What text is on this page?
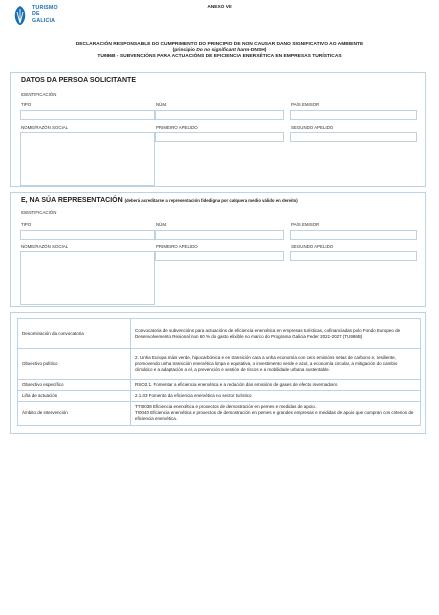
TURISMO
DE
GALICIA
ANEXO VII
DECLARACIÓN RESPONSABLE DO CUMPRIMENTO DO PRINCIPIO DE NON CAUSAR DANO SIGNIFICATIVO AO AMBIENTE
(principio Do no significant harm-DNSH)
TU986B - SUBVENCIÓNS PARA ACTUACIÓNS DE EFICIENCIA ENERXÉTICA EN EMPRESAS TURÍSTICAS
DATOS DA PERSOA SOLICITANTE
IDENTIFICACIÓN
TIPO	NÚM.	PAÍS EMISOR
NOME/RAZÓN SOCIAL	PRIMEIRO APELIDO	SEGUNDO APELIDO
E, NA SÚA REPRESENTACIÓN (deberá acreditarse a representación fidedigna por calquera medio válido en dereito)
IDENTIFICACIÓN
TIPO	NÚM.	PAÍS EMISOR
NOME/RAZÓN SOCIAL	PRIMEIRO APELIDO	SEGUNDO APELIDO
Denominación da convocatoria	Convocatoria de subvencións para actuacións de eficiencia enerxética en empresas turísticas, cofinanciadas polo Fondo Europeo de Desenvolvemento Rexional nun 60 % do gasto elixible no marco do Programa Galicia Feder 2021-2027 (TU986B)
Obxectivo político	2. Unha Europa máis verde, hipocarbónica e en transición cara a unha economía con cero emisións netas de carbono e, resiliente, promovendo unha transición enerxética limpa e equitativa, o investimento verde e azul, a economía circular, a mitigación do cambio climático e a adaptación a el, a prevención e xestión de riscos e a mobilidade urbana sustentable.
Obxectivo específico	RSO2.1. Fomentar a eficiencia enerxética e a redución das emisións de gases de efecto invernadoiro
Liña de actuación	2.1.03 Fomento da eficiencia enerxética no sector turístico
Ámbito de intervención	TTI0038 Eficiencia enerxética e proxectos de demostración en pemes e medidas de apoio.
TI0040 Eficiencia enerxética e proxectos de demostración en pemes e grandes empresas e medidas de apoio que cumpran cos criterios de eficiencia enerxética.
